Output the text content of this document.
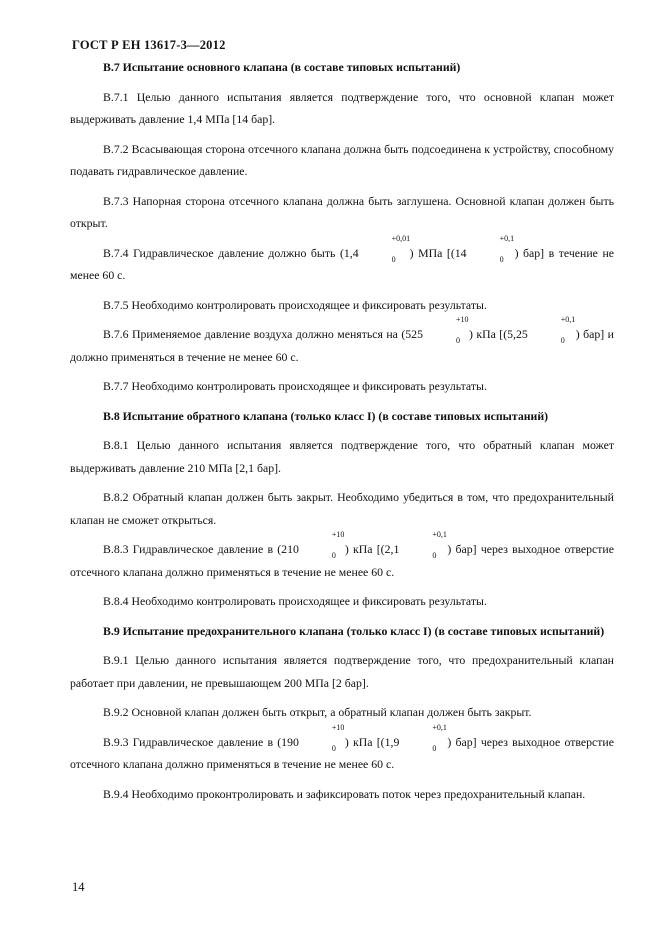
ГОСТ Р ЕН 13617-3—2012

В.7 Испытание основного клапана (в составе типовых испытаний)

В.7.1 Целью данного испытания является подтверждение того, что основной клапан может выдерживать давление 1,4 МПа [14 бар].

В.7.2 Всасывающая сторона отсечного клапана должна быть подсоединена к устройству, способному подавать гидравлическое давление.

В.7.3 Напорная сторона отсечного клапана должна быть заглушена. Основной клапан должен быть открыт.

В.7.4 Гидравлическое давление должно быть (1,4
+0,01
0 ) МПа [(14
+0,1
0 ) бар] в течение не менее 60 с.

В.7.5 Необходимо контролировать происходящее и фиксировать результаты.

В.7.6 Применяемое давление воздуха должно меняться на (525
+10
0 ) кПа [(5,25
+0,1
0 ) бар] и должно применяться в течение не менее 60 с.

В.7.7 Необходимо контролировать происходящее и фиксировать результаты.

В.8 Испытание обратного клапана (только класс I) (в составе типовых испытаний)

В.8.1 Целью данного испытания является подтверждение того, что обратный клапан может выдерживать давление 210 МПа [2,1 бар].

В.8.2 Обратный клапан должен быть закрыт. Необходимо убедиться в том, что предохранительный клапан не сможет открыться.

В.8.3 Гидравлическое давление в (210
+10
0 ) кПа [(2,1
+0,1
0 ) бар] через выходное отверстие отсечного клапана должно применяться в течение не менее 60 с.

В.8.4 Необходимо контролировать происходящее и фиксировать результаты.

В.9 Испытание предохранительного клапана (только класс I) (в составе типовых испытаний)

В.9.1 Целью данного испытания является подтверждение того, что предохранительный клапан работает при давлении, не превышающем 200 МПа [2 бар].

В.9.2 Основной клапан должен быть открыт, а обратный клапан должен быть закрыт.

В.9.3 Гидравлическое давление в (190
+10
0 ) кПа [(1,9
+0,1
0 ) бар] через выходное отверстие отсечного клапана должно применяться в течение не менее 60 с.

В.9.4 Необходимо проконтролировать и зафиксировать поток через предохранительный клапан.

14
